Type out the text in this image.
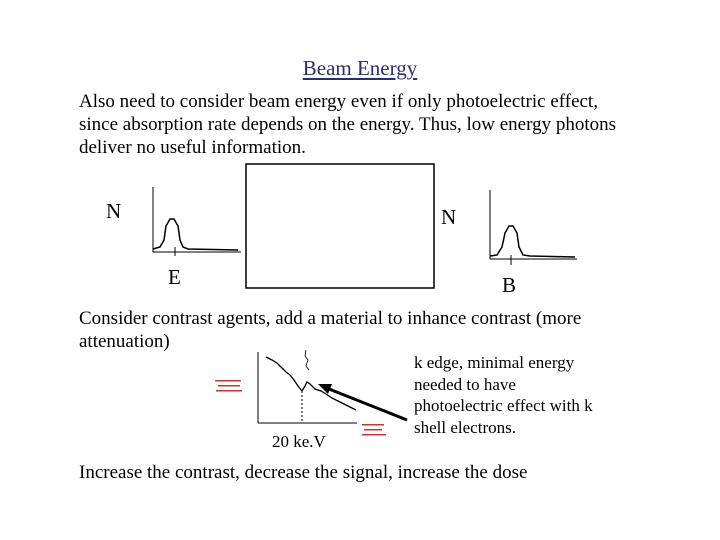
Beam Energy
Also need to consider beam energy even if only photoelectric effect, since absorption rate depends on the energy. Thus, low energy photons deliver no useful information.
N
E
N
B
Consider contrast agents, add a material to inhance contrast (more attenuation)
20 ke.V
k edge, minimal energy needed to have photoelectric effect with k shell electrons.
Increase the contrast, decrease the signal, increase the dose
